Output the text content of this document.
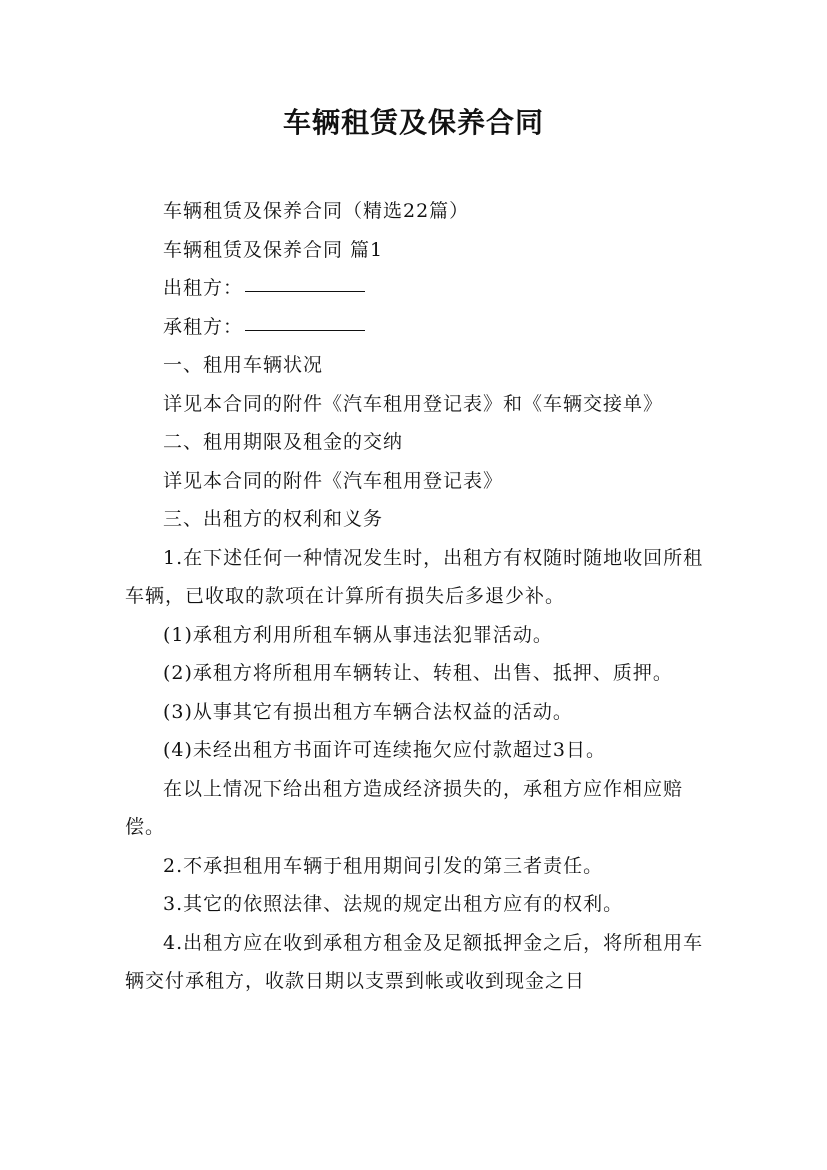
车辆租赁及保养合同

车辆租赁及保养合同（精选22篇）

车辆租赁及保养合同 篇1

出租方：

承租方：

一、租用车辆状况

详见本合同的附件《汽车租用登记表》和《车辆交接单》

二、租用期限及租金的交纳

详见本合同的附件《汽车租用登记表》

三、出租方的权利和义务

1.在下述任何一种情况发生时，出租方有权随时随地收回所租车辆，已收取的款项在计算所有损失后多退少补。

(1)承租方利用所租车辆从事违法犯罪活动。

(2)承租方将所租用车辆转让、转租、出售、抵押、质押。

(3)从事其它有损出租方车辆合法权益的活动。

(4)未经出租方书面许可连续拖欠应付款超过3日。

在以上情况下给出租方造成经济损失的，承租方应作相应赔偿。

2.不承担租用车辆于租用期间引发的第三者责任。

3.其它的依照法律、法规的规定出租方应有的权利。

4.出租方应在收到承租方租金及足额抵押金之后，将所租用车辆交付承租方，收款日期以支票到帐或收到现金之日
